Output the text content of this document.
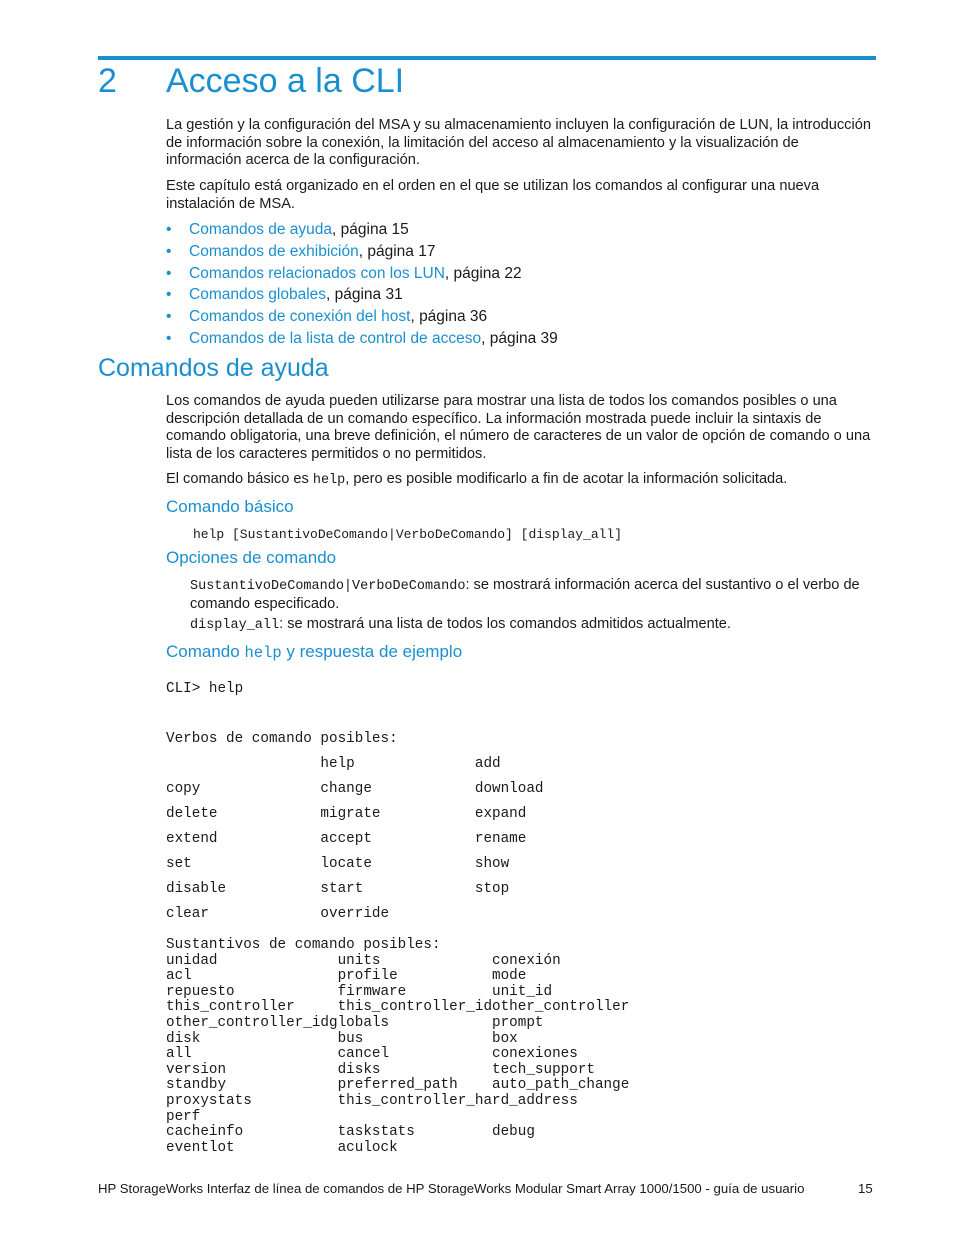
2 Acceso a la CLI
La gestión y la configuración del MSA y su almacenamiento incluyen la configuración de LUN, la introducción de información sobre la conexión, la limitación del acceso al almacenamiento y la visualización de información acerca de la configuración.
Este capítulo está organizado en el orden en el que se utilizan los comandos al configurar una nueva instalación de MSA.
• Comandos de ayuda, página 15
• Comandos de exhibición, página 17
• Comandos relacionados con los LUN, página 22
• Comandos globales, página 31
• Comandos de conexión del host, página 36
• Comandos de la lista de control de acceso, página 39
Comandos de ayuda
Los comandos de ayuda pueden utilizarse para mostrar una lista de todos los comandos posibles o una descripción detallada de un comando específico. La información mostrada puede incluir la sintaxis de comando obligatoria, una breve definición, el número de caracteres de un valor de opción de comando o una lista de los caracteres permitidos o no permitidos.
El comando básico es help, pero es posible modificarlo a fin de acotar la información solicitada.
Comando básico
help [SustantivoDeComando|VerboDeComando] [display_all]
Opciones de comando
SustantivoDeComando|VerboDeComando: se mostrará información acerca del sustantivo o el verbo de comando especificado.
display_all: se mostrará una lista de todos los comandos admitidos actualmente.
Comando help y respuesta de ejemplo
CLI> help
Verbos de comando posibles:
help              add
copy              change            download
delete            migrate           expand
extend            accept            rename
set               locate            show
disable           start             stop
clear             override
Sustantivos de comando posibles:
unidad              units             conexión
acl                 profile           mode
repuesto            firmware          unit_id
this_controller     this_controller_idother_controller
other_controller_idglobals            prompt
disk                bus               box
all                 cancel            conexiones
version             disks             tech_support
standby             preferred_path    auto_path_change
proxystats          this_controller_hard_address
perf
cacheinfo           taskstats         debug
eventlot            aculock
HP StorageWorks Interfaz de línea de comandos de HP StorageWorks Modular Smart Array 1000/1500 - guía de usuario	15
